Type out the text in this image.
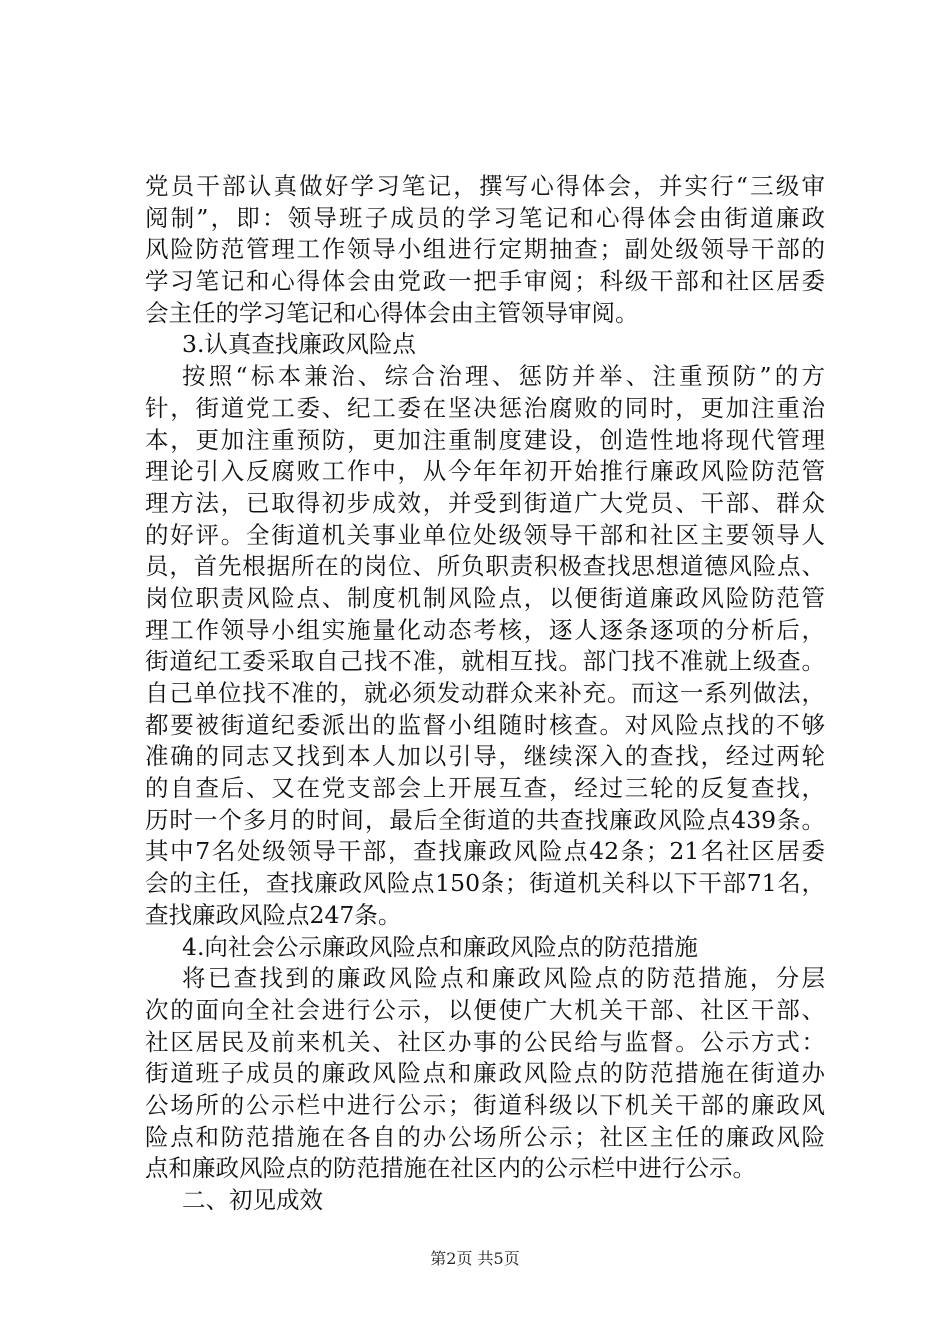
党员干部认真做好学习笔记，撰写心得体会，并实行“三级审
阅制”，即：领导班子成员的学习笔记和心得体会由街道廉政
风险防范管理工作领导小组进行定期抽查；副处级领导干部的
学习笔记和心得体会由党政一把手审阅；科级干部和社区居委
会主任的学习笔记和心得体会由主管领导审阅。
3.认真查找廉政风险点
按照“标本兼治、综合治理、惩防并举、注重预防”的方
针，街道党工委、纪工委在坚决惩治腐败的同时，更加注重治
本，更加注重预防，更加注重制度建设，创造性地将现代管理
理论引入反腐败工作中，从今年年初开始推行廉政风险防范管
理方法，已取得初步成效，并受到街道广大党员、干部、群众
的好评。全街道机关事业单位处级领导干部和社区主要领导人
员，首先根据所在的岗位、所负职责积极查找思想道德风险点、
岗位职责风险点、制度机制风险点，以便街道廉政风险防范管
理工作领导小组实施量化动态考核，逐人逐条逐项的分析后，
街道纪工委采取自己找不准，就相互找。部门找不准就上级查。
自己单位找不准的，就必须发动群众来补充。而这一系列做法，
都要被街道纪委派出的监督小组随时核查。对风险点找的不够
准确的同志又找到本人加以引导，继续深入的查找，经过两轮
的自查后、又在党支部会上开展互查，经过三轮的反复查找，
历时一个多月的时间，最后全街道的共查找廉政风险点439条。
其中7名处级领导干部，查找廉政风险点42条；21名社区居委
会的主任，查找廉政风险点150条；街道机关科以下干部71名，
查找廉政风险点247条。
4.向社会公示廉政风险点和廉政风险点的防范措施
将已查找到的廉政风险点和廉政风险点的防范措施，分层
次的面向全社会进行公示，以便使广大机关干部、社区干部、
社区居民及前来机关、社区办事的公民给与监督。公示方式：
街道班子成员的廉政风险点和廉政风险点的防范措施在街道办
公场所的公示栏中进行公示；街道科级以下机关干部的廉政风
险点和防范措施在各自的办公场所公示；社区主任的廉政风险
点和廉政风险点的防范措施在社区内的公示栏中进行公示。
二、初见成效
第2页 共5页
